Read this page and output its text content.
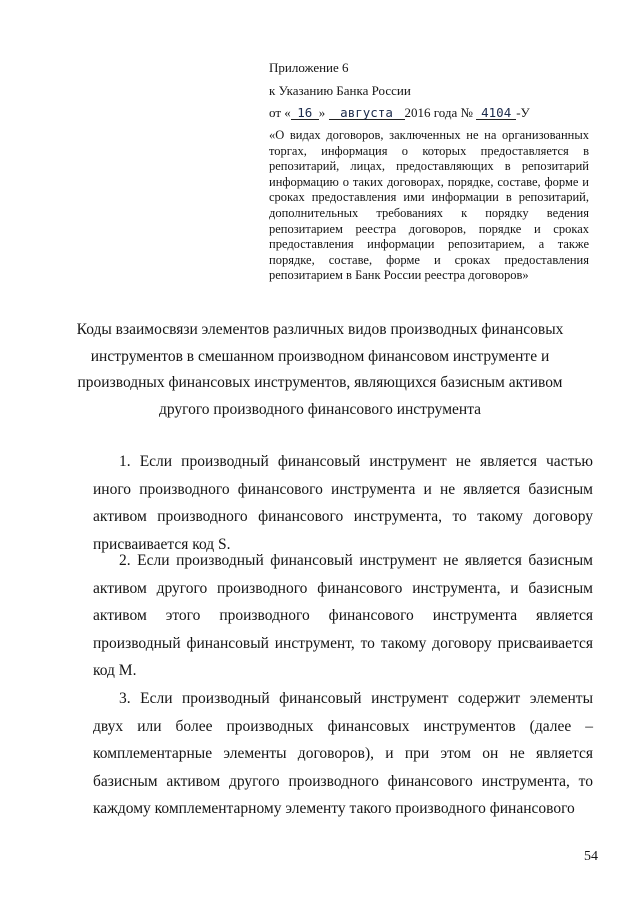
Приложение 6
к Указанию Банка России
от « 16 » августа 2016 года № 4104 -У
«О видах договоров, заключенных не на организованных торгах, информация о которых предоставляется в репозитарий, лицах, предоставляющих в репозитарий информацию о таких договорах, порядке, составе, форме и сроках предоставления ими информации в репозитарий, дополнительных требованиях к порядку ведения репозитарием реестра договоров, порядке и сроках предоставления информации репозитарием, а также порядке, составе, форме и сроках предоставления репозитарием в Банк России реестра договоров»
Коды взаимосвязи элементов различных видов производных финансовых инструментов в смешанном производном финансовом инструменте и производных финансовых инструментов, являющихся базисным активом другого производного финансового инструмента
1. Если производный финансовый инструмент не является частью иного производного финансового инструмента и не является базисным активом производного финансового инструмента, то такому договору присваивается код S.
2. Если производный финансовый инструмент не является базисным активом другого производного финансового инструмента, и базисным активом этого производного финансового инструмента является производный финансовый инструмент, то такому договору присваивается код М.
3. Если производный финансовый инструмент содержит элементы двух или более производных финансовых инструментов (далее – комплементарные элементы договоров), и при этом он не является базисным активом другого производного финансового инструмента, то каждому комплементарному элементу такого производного финансового
54
